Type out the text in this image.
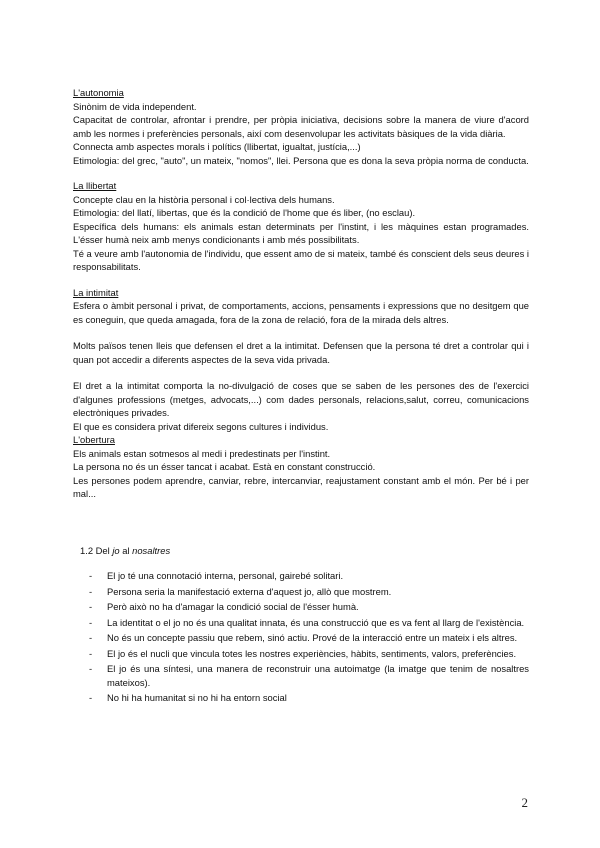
L'autonomia

Sinònim de vida independent.

Capacitat de controlar, afrontar i prendre, per pròpia iniciativa, decisions sobre la manera de viure d'acord amb les normes i preferències personals, així com desenvolupar les activitats bàsiques de la vida diària.

Connecta amb aspectes morals i polítics (llibertat, igualtat, justícia,...)

Etimologia: del grec, "auto", un mateix, "nomos", llei. Persona que es dona la seva pròpia norma de conducta.

La llibertat

Concepte clau en la història personal i col·lectiva dels humans.

Etimologia: del llatí, libertas, que és la condició de l'home que és liber, (no esclau).

Específica dels humans: els animals estan determinats per l'instint, i les màquines estan programades. L'ésser humà neix amb menys condicionants i amb més possibilitats.

Té a veure amb l'autonomia de l'individu, que essent amo de si mateix, també és conscient dels seus deures i responsabilitats.

La intimitat

Esfera o àmbit personal i privat, de comportaments, accions, pensaments i expressions que no desitgem que es coneguin, que queda amagada, fora de la zona de relació, fora de la mirada dels altres.

Molts països tenen lleis que defensen el dret a la intimitat. Defensen que la persona té dret a controlar qui i quan pot accedir a diferents aspectes de la seva vida privada.

El dret a la intimitat comporta la no-divulgació de coses que se saben de les persones des de l'exercici d'algunes professions (metges, advocats,...) com dades personals, relacions,salut, correu, comunicacions electròniques privades.

El que es considera privat difereix segons cultures i individus.

L'obertura

Els animals estan sotmesos al medi i predestinats per l'instint.

La persona no és un ésser tancat i acabat. Està en constant construcció.

Les persones podem aprendre, canviar, rebre, intercanviar, reajustament constant amb el món. Per bé i per mal...

1.2 Del jo al nosaltres

- El jo té una connotació interna, personal, gairebé solitari.
- Persona seria la manifestació externa d'aquest jo, allò que mostrem.
- Però això no ha d'amagar la condició social de l'ésser humà.
- La identitat o el jo no és una qualitat innata, és una construcció que es va fent al llarg de l'existència.
- No és un concepte passiu que rebem, sinó actiu. Prové de la interacció entre un mateix i els altres.
- El jo és el nucli que vincula totes les nostres experiències, hàbits, sentiments, valors, preferències.
- El jo és una síntesi, una manera de reconstruir una autoimatge (la imatge que tenim de nosaltres mateixos).
- No hi ha humanitat si no hi ha entorn social
2
